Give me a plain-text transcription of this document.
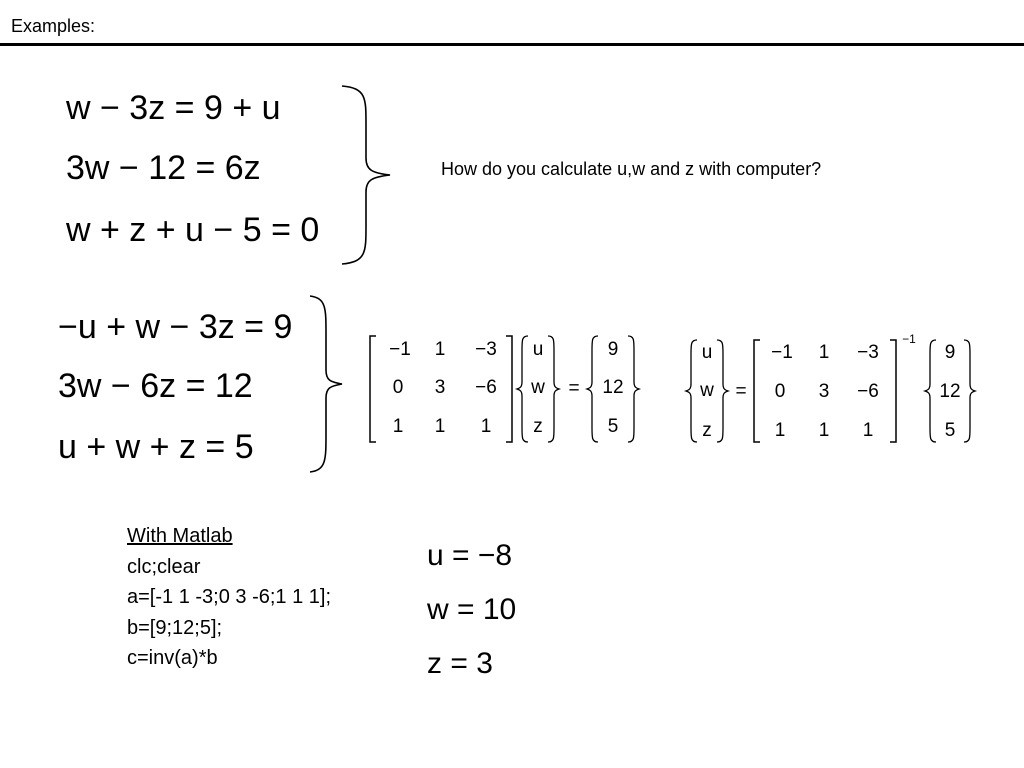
Examples:
w − 3z = 9 + u
3w − 12 = 6z
w + z + u − 5 = 0
How do you calculate u,w and z with computer?
−u + w − 3z = 9
3w − 6z = 12
u + w + z = 5
−1 1 −3
0 3 −6
1 1 1
u
w
z
=
9
12
5
u
w
z
=
−1 1 −3
0 3 −6
1 1 1
−1
9
12
5
With Matlab
clc;clear
a=[-1 1 -3;0 3 -6;1 1 1];
b=[9;12;5];
c=inv(a)*b
u = −8
w = 10
z = 3
